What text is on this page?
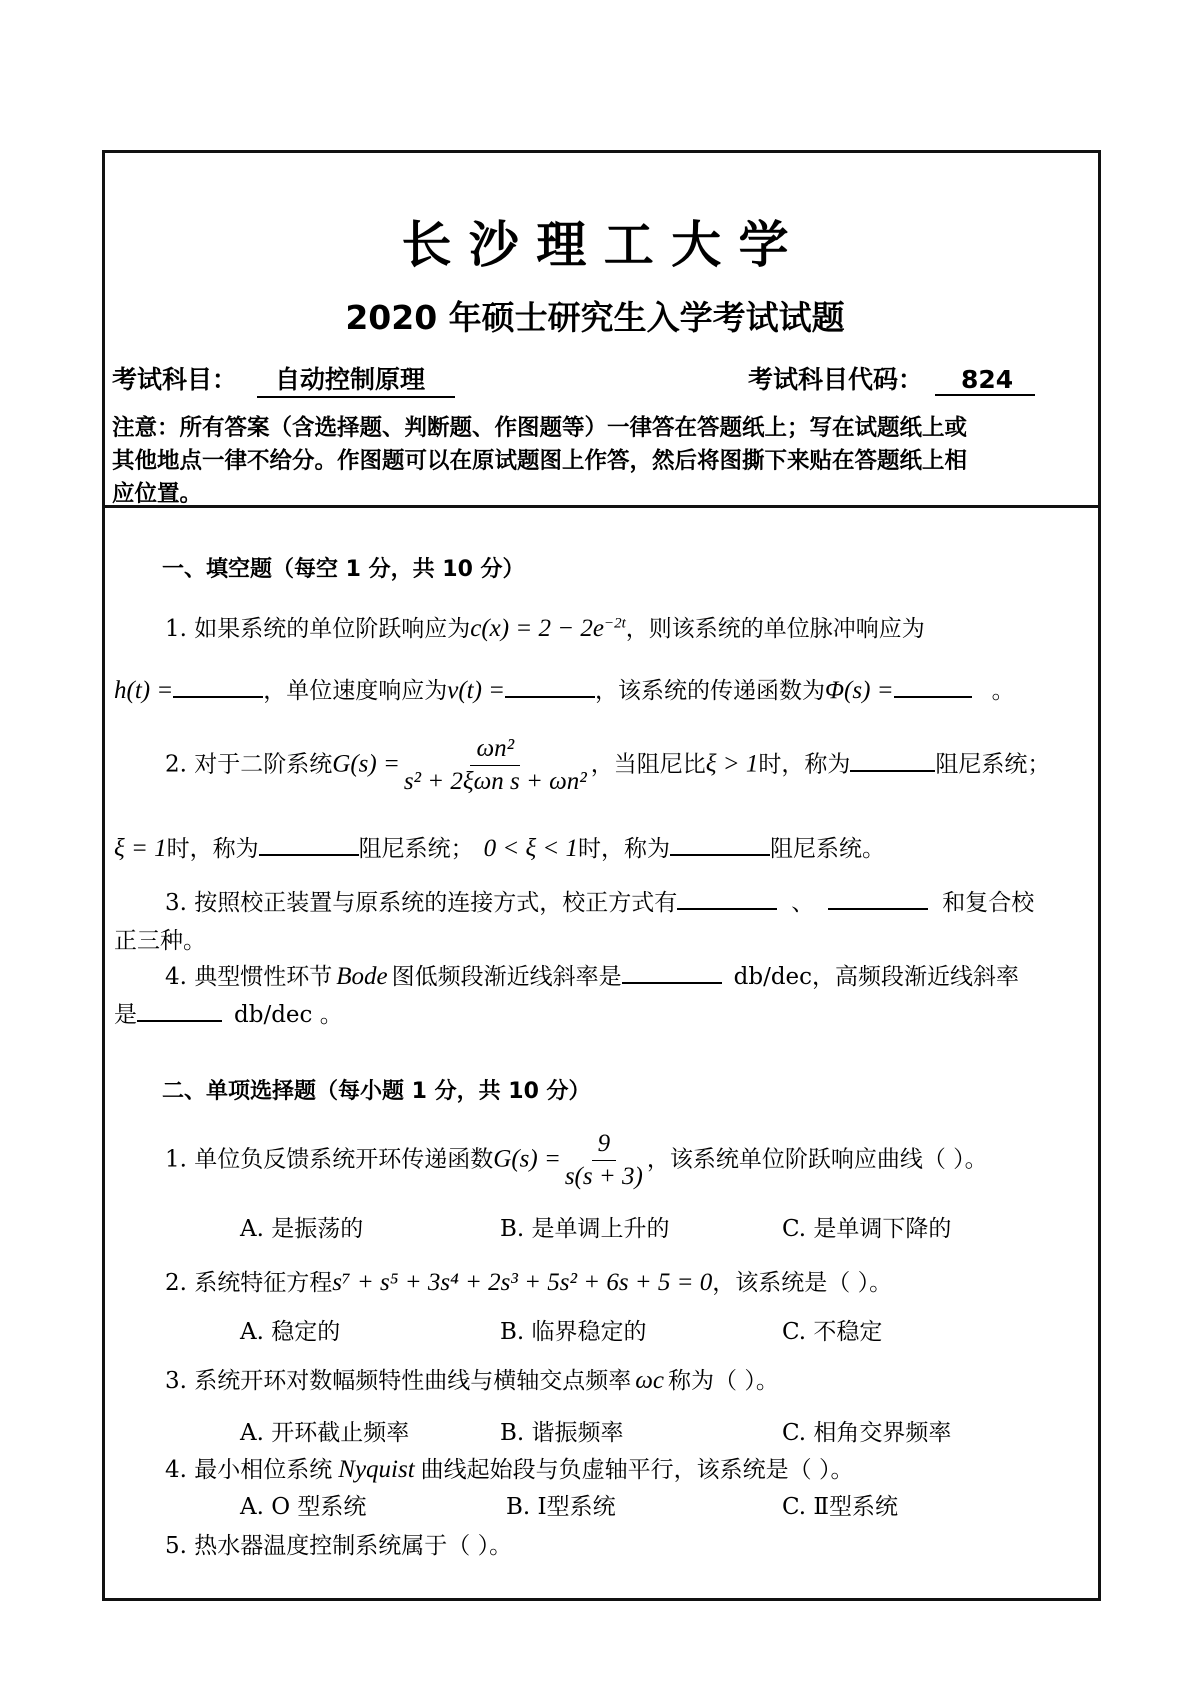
长 沙 理 工 大 学
2020 年硕士研究生入学考试试题
考试科目： 自动控制原理	考试科目代码： 824
注意：所有答案（含选择题、判断题、作图题等）一律答在答题纸上；写在试题纸上或
其他地点一律不给分。作图题可以在原试题图上作答，然后将图撕下来贴在答题纸上相
应位置。
一、填空题（每空 1 分，共 10 分）
1. 如果系统的单位阶跃响应为$c(x) = 2 - 2e^{-2t}$，则该系统的单位脉冲响应为
h(t) =	，单位速度响应为v(t) =	，该系统的传递函数为Φ(s) =	。
2. 对于二阶系统$G(s) = \frac{\text{ωn²}}{\text{s² + 2ξωn s + ωn²}}$ ，当阻尼比ξ > 1时，称为	阻尼系统；
ξ = 1时，称为	阻尼系统； 0 < ξ < 1时，称为	阻尼系统。
3. 按照校正装置与原系统的连接方式，校正方式有	、	和复合校
正三种。
4. 典型惯性环节 Bode 图低频段渐近线斜率是	db/dec，高频段渐近线斜率
是	db/dec 。
二、单项选择题（每小题 1 分，共 10 分）
1. 单位负反馈系统开环传递函数$G(s) = \frac{9}{s(s + 3)}$ ，该系统单位阶跃响应曲线（ ）。
A. 是振荡的	B. 是单调上升的	C. 是单调下降的
2. 系统特征方程s⁷ + s⁵ + 3s⁴ + 2s³ + 5s² + 6s + 5 = 0，该系统是（ ）。
A. 稳定的	B. 临界稳定的	C. 不稳定
3. 系统开环对数幅频特性曲线与横轴交点频率 ωc 称为（ ）。
A. 开环截止频率	B. 谐振频率	C. 相角交界频率
4. 最小相位系统 Nyquist 曲线起始段与负虚轴平行，该系统是（ ）。
A. O 型系统	B. Ⅰ型系统	C. Ⅱ型系统
5. 热水器温度控制系统属于（ ）。
